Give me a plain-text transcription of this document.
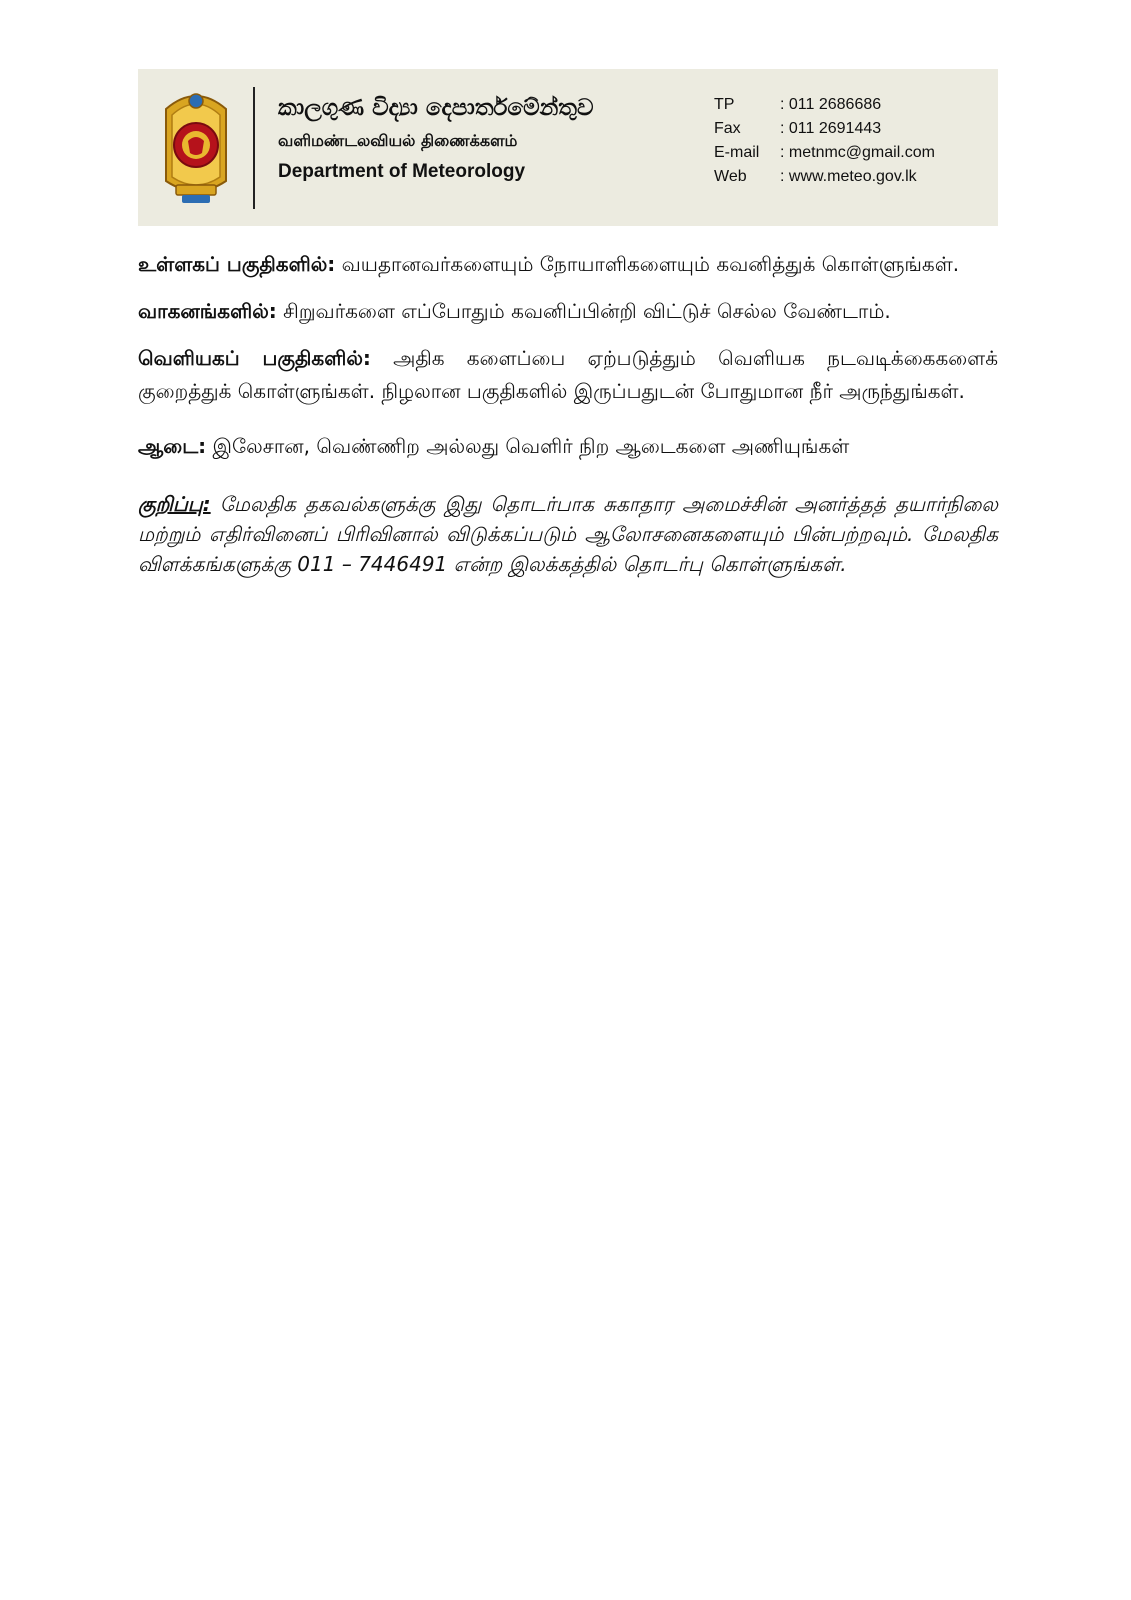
කාලගුණ විද්‍යා දෙපාර්තමේන්තුව
வளிமண்டலவியல் திணைக்களம்
Department of Meteorology
TP	: 011 2686686
Fax	: 011 2691443
E-mail	: metnmc@gmail.com
Web	: www.meteo.gov.lk

உள்ளகப் பகுதிகளில்: வயதானவர்களையும் நோயாளிகளையும் கவனித்துக் கொள்ளுங்கள்.

வாகனங்களில்: சிறுவர்களை எப்போதும் கவனிப்பின்றி விட்டுச் செல்ல வேண்டாம்.

வெளியகப் பகுதிகளில்: அதிக களைப்பை ஏற்படுத்தும் வெளியக நடவடிக்கைகளைக் குறைத்துக் கொள்ளுங்கள். நிழலான பகுதிகளில் இருப்பதுடன் போதுமான நீர் அருந்துங்கள்.

ஆடை: இலேசான, வெண்ணிற அல்லது வெளிர் நிற ஆடைகளை அணியுங்கள்

குறிப்பு: மேலதிக தகவல்களுக்கு இது தொடர்பாக சுகாதார அமைச்சின் அனர்த்தத் தயார்நிலை மற்றும் எதிர்வினைப் பிரிவினால் விடுக்கப்படும் ஆலோசனைகளையும் பின்பற்றவும். மேலதிக விளக்கங்களுக்கு 011 – 7446491 என்ற இலக்கத்தில் தொடர்பு கொள்ளுங்கள்.
